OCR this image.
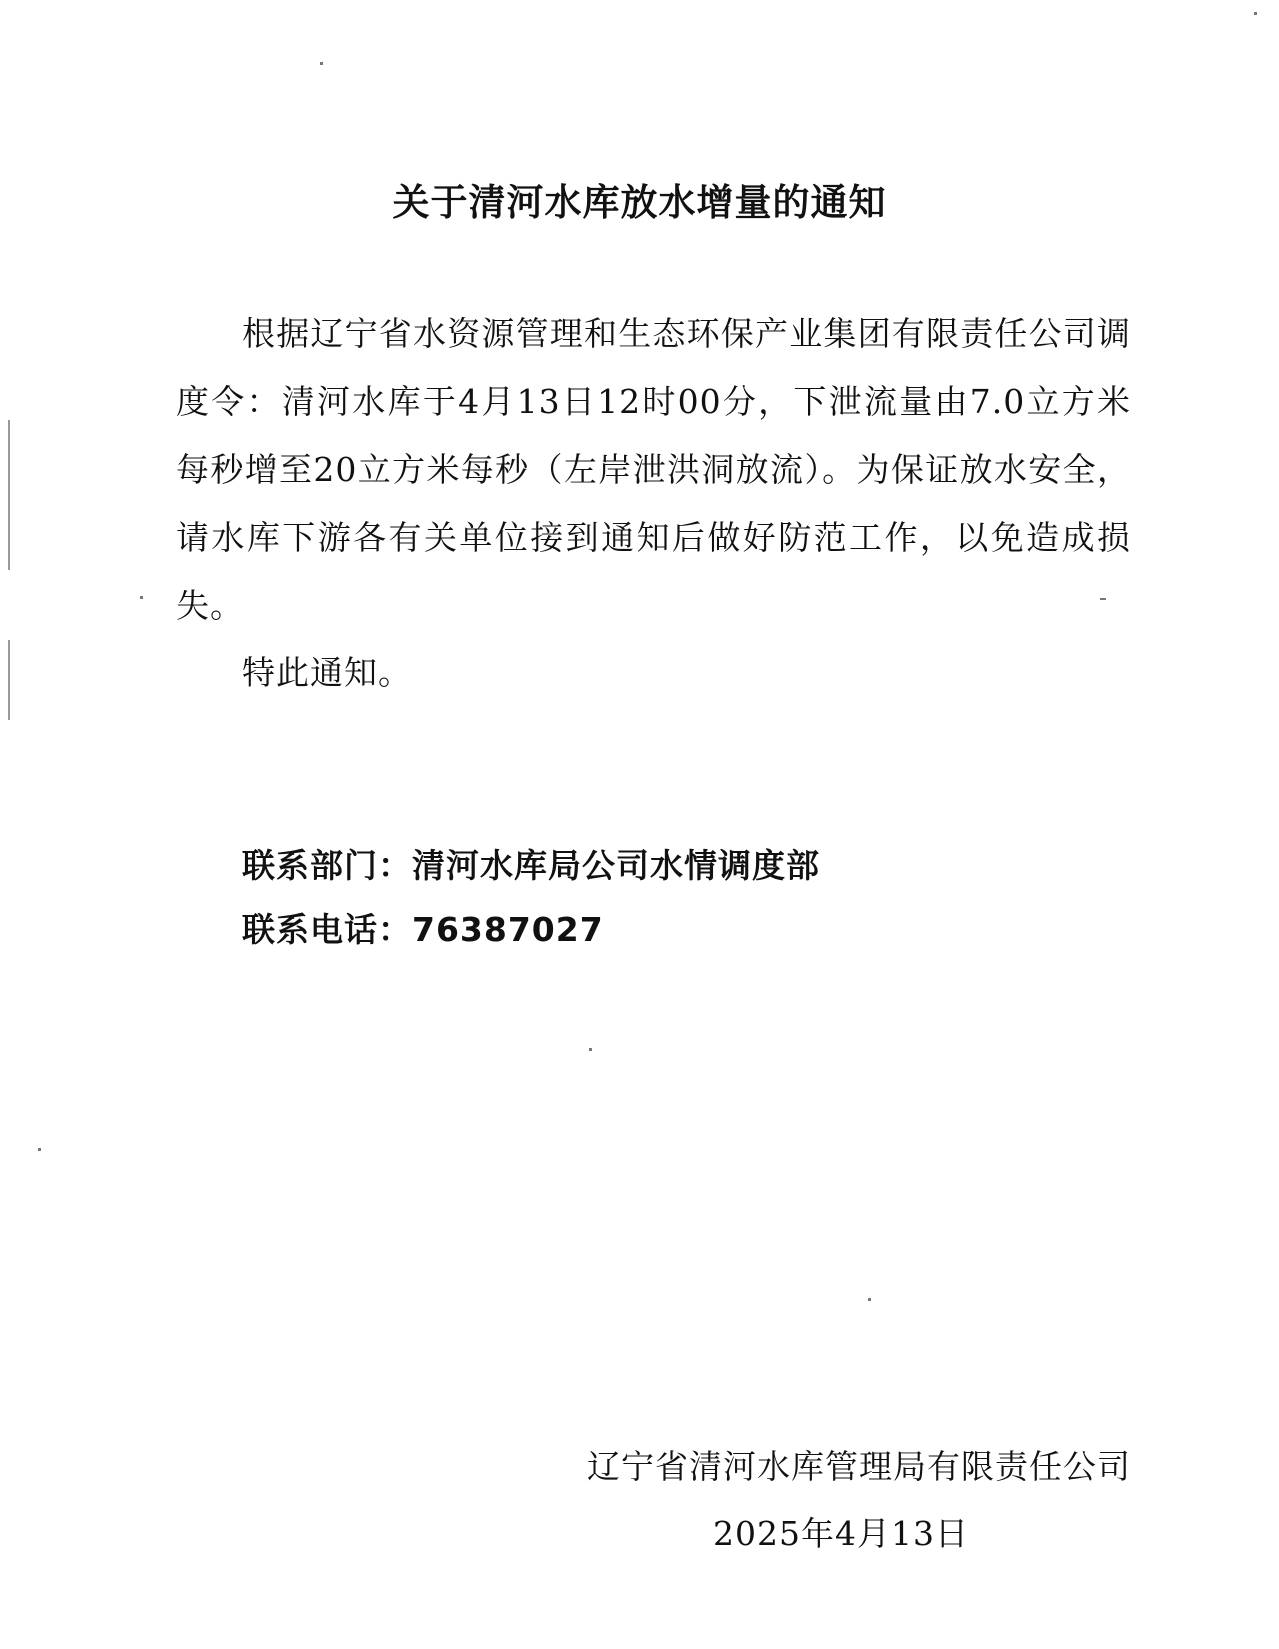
关于清河水库放水增量的通知
根据辽宁省水资源管理和生态环保产业集团有限责任公司调度令：清河水库于4月13日12时00分，下泄流量由7.0立方米每秒增至20立方米每秒（左岸泄洪洞放流）。为保证放水安全，请水库下游各有关单位接到通知后做好防范工作，以免造成损失。
特此通知。
联系部门：清河水库局公司水情调度部
联系电话：76387027
辽宁省清河水库管理局有限责任公司
2025年4月13日
